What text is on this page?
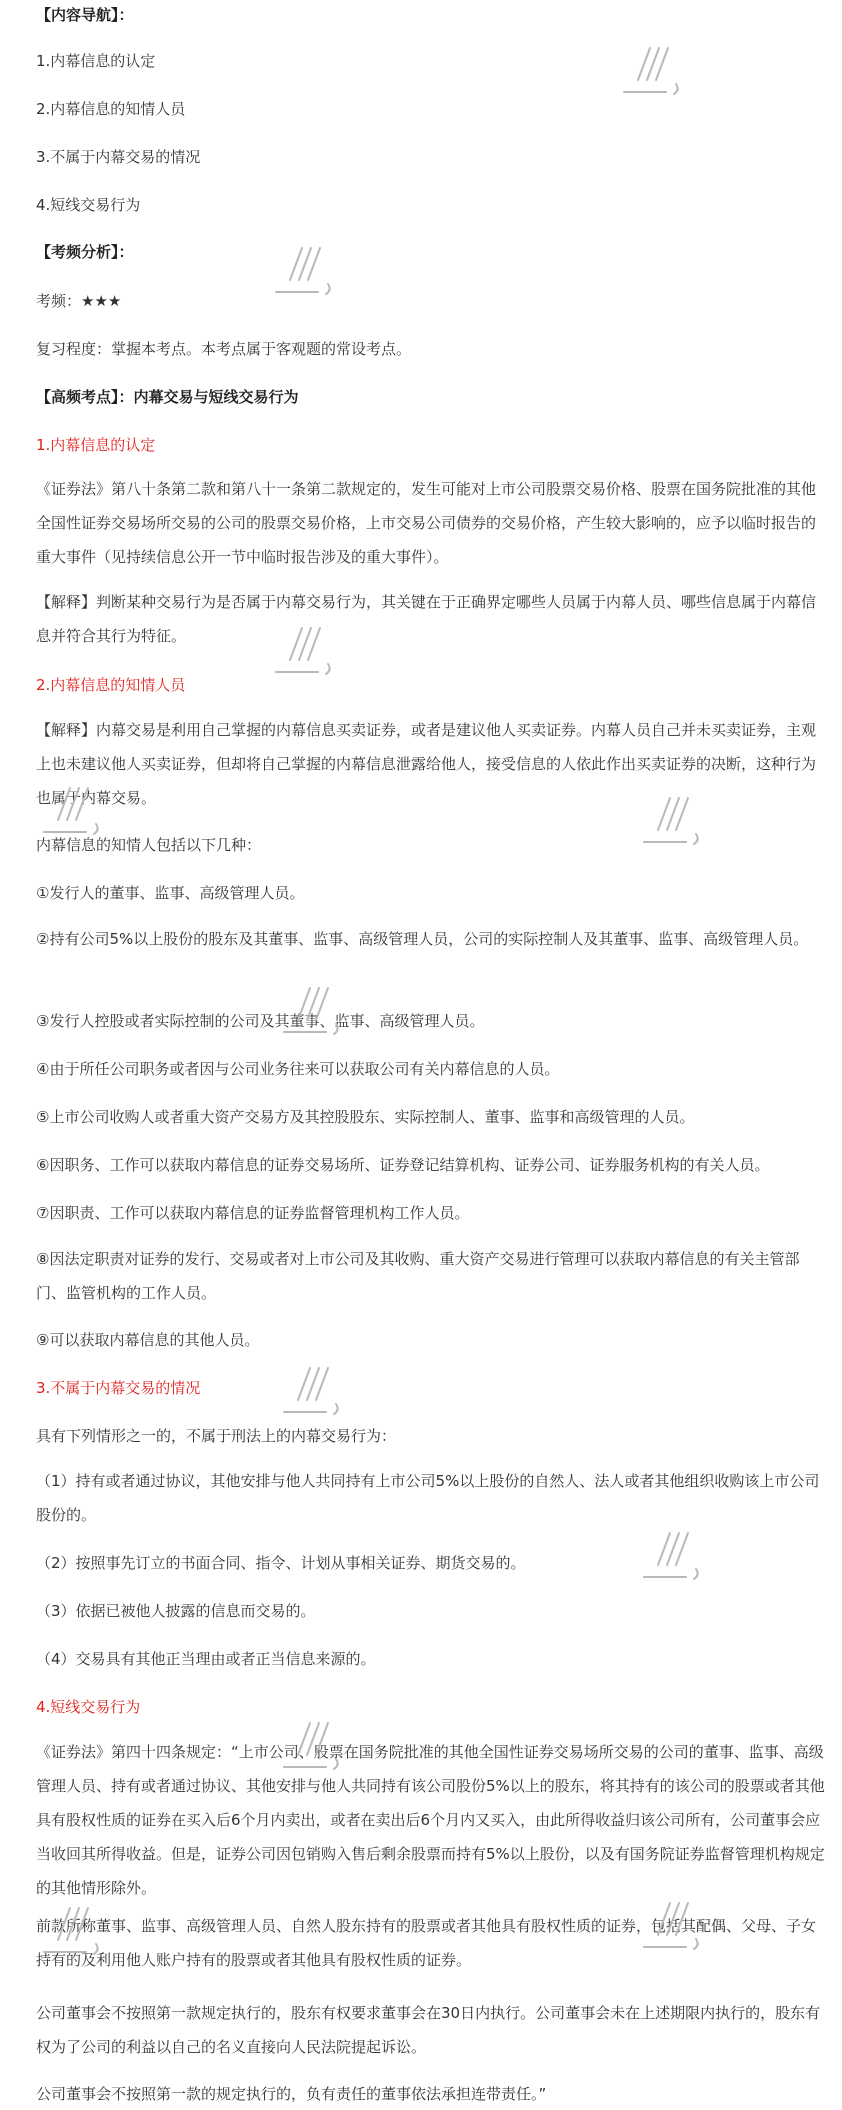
【内容导航】：
1.内幕信息的认定
2.内幕信息的知情人员
3.不属于内幕交易的情况
4.短线交易行为
【考频分析】：
考频：★★★
复习程度：掌握本考点。本考点属于客观题的常设考点。
【高频考点】：内幕交易与短线交易行为
1.内幕信息的认定
《证券法》第八十条第二款和第八十一条第二款规定的，发生可能对上市公司股票交易价格、股票在国务院批准的其他全国性证券交易场所交易的公司的股票交易价格，上市交易公司债券的交易价格，产生较大影响的，应予以临时报告的重大事件（见持续信息公开一节中临时报告涉及的重大事件）。
【解释】判断某种交易行为是否属于内幕交易行为，其关键在于正确界定哪些人员属于内幕人员、哪些信息属于内幕信息并符合其行为特征。
2.内幕信息的知情人员
【解释】内幕交易是利用自己掌握的内幕信息买卖证券，或者是建议他人买卖证券。内幕人员自己并未买卖证券，主观上也未建议他人买卖证券，但却将自己掌握的内幕信息泄露给他人，接受信息的人依此作出买卖证券的决断，这种行为也属于内幕交易。
内幕信息的知情人包括以下几种：
①发行人的董事、监事、高级管理人员。
②持有公司5%以上股份的股东及其董事、监事、高级管理人员，公司的实际控制人及其董事、监事、高级管理人员。
③发行人控股或者实际控制的公司及其董事、监事、高级管理人员。
④由于所任公司职务或者因与公司业务往来可以获取公司有关内幕信息的人员。
⑤上市公司收购人或者重大资产交易方及其控股股东、实际控制人、董事、监事和高级管理的人员。
⑥因职务、工作可以获取内幕信息的证券交易场所、证券登记结算机构、证券公司、证券服务机构的有关人员。
⑦因职责、工作可以获取内幕信息的证券监督管理机构工作人员。
⑧因法定职责对证券的发行、交易或者对上市公司及其收购、重大资产交易进行管理可以获取内幕信息的有关主管部门、监管机构的工作人员。
⑨可以获取内幕信息的其他人员。
3.不属于内幕交易的情况
具有下列情形之一的，不属于刑法上的内幕交易行为：
（1）持有或者通过协议，其他安排与他人共同持有上市公司5%以上股份的自然人、法人或者其他组织收购该上市公司股份的。
（2）按照事先订立的书面合同、指令、计划从事相关证券、期货交易的。
（3）依据已被他人披露的信息而交易的。
（4）交易具有其他正当理由或者正当信息来源的。
4.短线交易行为
《证券法》第四十四条规定：“上市公司、股票在国务院批准的其他全国性证券交易场所交易的公司的董事、监事、高级管理人员、持有或者通过协议、其他安排与他人共同持有该公司股份5%以上的股东，将其持有的该公司的股票或者其他具有股权性质的证券在买入后6个月内卖出，或者在卖出后6个月内又买入，由此所得收益归该公司所有，公司董事会应当收回其所得收益。但是，证券公司因包销购入售后剩余股票而持有5%以上股份，以及有国务院证券监督管理机构规定的其他情形除外。
前款所称董事、监事、高级管理人员、自然人股东持有的股票或者其他具有股权性质的证券，包括其配偶、父母、子女持有的及利用他人账户持有的股票或者其他具有股权性质的证券。
公司董事会不按照第一款规定执行的，股东有权要求董事会在30日内执行。公司董事会未在上述期限内执行的，股东有权为了公司的利益以自己的名义直接向人民法院提起诉讼。
公司董事会不按照第一款的规定执行的，负有责任的董事依法承担连带责任。”
